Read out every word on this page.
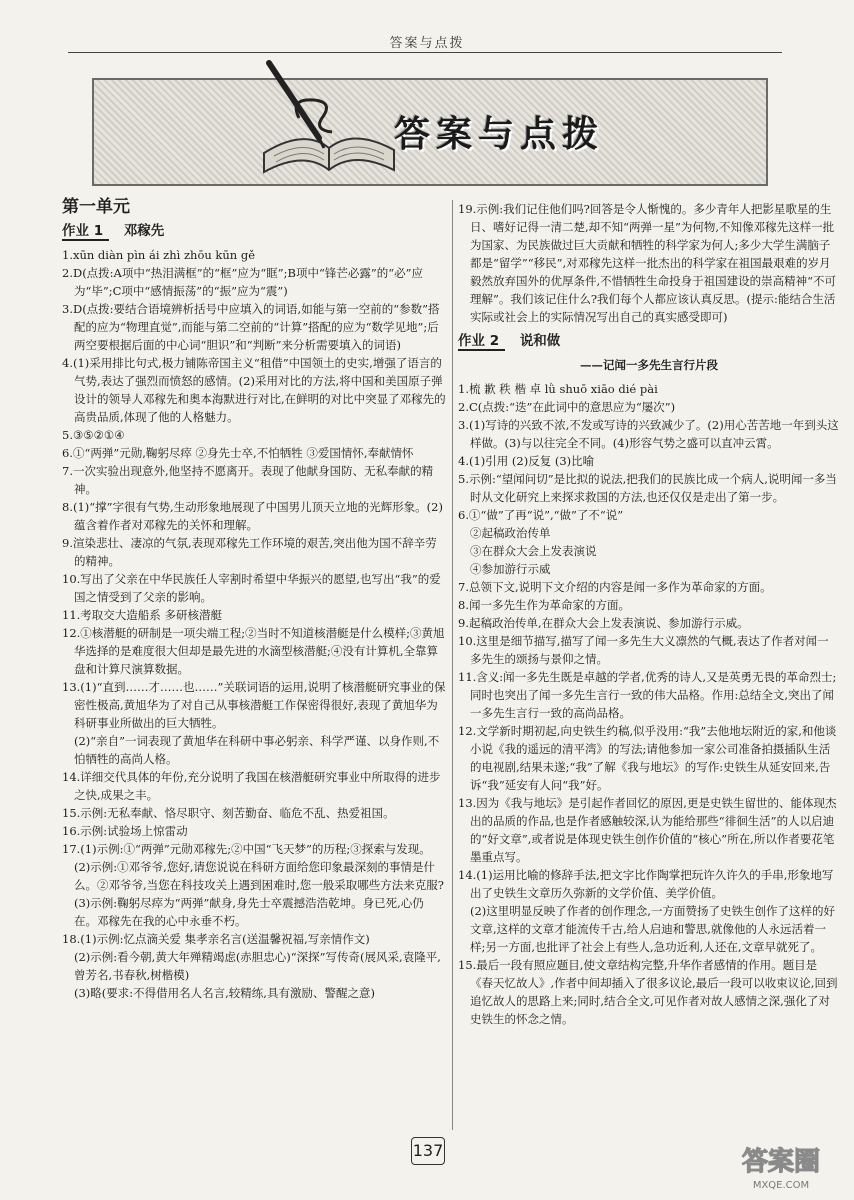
答案与点拨
答案与点拨
第一单元
作业 1 邓稼先

1.xūn diàn pìn ái zhì zhōu kūn gě

2.D(点拨:A项中“热泪满框”的“框”应为“眶”;B项中“锋芒必露”的“必”应为“毕”;C项中“感情振荡”的“振”应为“震”)

3.D(点拨:要结合语境辨析括号中应填入的词语,如能与第一空前的“参数”搭配的应为“物理直觉”,而能与第二空前的“计算”搭配的应为“数学见地”;后两空要根据后面的中心词“胆识”和“判断”来分析需要填入的词语)

4.(1)采用排比句式,极力铺陈帝国主义“租借”中国领土的史实,增强了语言的气势,表达了强烈而愤怒的感情。(2)采用对比的方法,将中国和美国原子弹设计的领导人邓稼先和奥本海默进行对比,在鲜明的对比中突显了邓稼先的高贵品质,体现了他的人格魅力。

5.③⑤②①④

6.①“两弹”元勋,鞠躬尽瘁 ②身先士卒,不怕牺牲 ③爱国情怀,奉献情怀

7.一次实验出现意外,他坚持不愿离开。表现了他献身国防、无私奉献的精神。

8.(1)“撑”字很有气势,生动形象地展现了中国男儿顶天立地的光辉形象。(2)蕴含着作者对邓稼先的关怀和理解。

9.渲染悲壮、凄凉的气氛,表现邓稼先工作环境的艰苦,突出他为国不辞辛劳的精神。

10.写出了父亲在中华民族任人宰割时希望中华振兴的愿望,也写出“我”的爱国之情受到了父亲的影响。

11.考取交大造船系 多研核潜艇

12.①核潜艇的研制是一项尖端工程;②当时不知道核潜艇是什么模样;③黄旭华选择的是难度很大但却是最先进的水滴型核潜艇;④没有计算机,全靠算盘和计算尺演算数据。

13.(1)“直到……才……也……”关联词语的运用,说明了核潜艇研究事业的保密性极高,黄旭华为了对自己从事核潜艇工作保密得很好,表现了黄旭华为科研事业所做出的巨大牺牲。

(2)“亲自”一词表现了黄旭华在科研中事必躬亲、科学严谨、以身作则,不怕牺牲的高尚人格。

14.详细交代具体的年份,充分说明了我国在核潜艇研究事业中所取得的进步之快,成果之丰。

15.示例:无私奉献、恪尽职守、刻苦勤奋、临危不乱、热爱祖国。

16.示例:试验场上惊雷动

17.(1)示例:①“两弹”元勋邓稼先;②中国“飞天梦”的历程;③探索与发现。

(2)示例:①邓爷爷,您好,请您说说在科研方面给您印象最深刻的事情是什么。②邓爷爷,当您在科技攻关上遇到困难时,您一般采取哪些方法来克服?

(3)示例:鞠躬尽瘁为“两弹”献身,身先士卒震撼浩浩乾坤。身已死,心仍在。邓稼先在我的心中永垂不朽。

18.(1)示例:忆点滴关爱 集孝亲名言(送温馨祝福,写亲情作文)

(2)示例:看今朝,黄大年殚精竭虑(赤胆忠心)“深探”写传奇(展风采,袁隆平,曾芳名,书春秋,树楷模)

(3)略(要求:不得借用名人名言,较精练,具有激励、警醒之意)

19.示例:我们记住他们吗?回答是令人惭愧的。多少青年人把影星歌星的生日、嗜好记得一清二楚,却不知“两弹一星”为何物,不知像邓稼先这样一批为国家、为民族做过巨大贡献和牺牲的科学家为何人;多少大学生满脑子都是“留学”“移民”,对邓稼先这样一批杰出的科学家在祖国最艰难的岁月毅然放弃国外的优厚条件,不惜牺牲生命投身于祖国建设的崇高精神“不可理解”。我们该记住什么?我们每个人都应该认真反思。(提示:能结合生活实际或社会上的实际情况写出自己的真实感受即可)

作业 2 说和做
——记闻一多先生言行片段

1.梳 歉 秩 楷 卓 lǜ shuō xiāo dié pài

2.C(点拨:“迭”在此词中的意思应为“屡次”)

3.(1)写诗的兴致不浓,不发或写诗的兴致减少了。(2)用心苦苦地一年到头这样做。(3)与以往完全不同。(4)形容气势之盛可以直冲云霄。

4.(1)引用 (2)反复 (3)比喻

5.示例:“望闻问切”是比拟的说法,把我们的民族比成一个病人,说明闻一多当时从文化研究上来探求救国的方法,也还仅仅是走出了第一步。

6.①“做”了再“说”,“做”了不“说”

②起稿政治传单

③在群众大会上发表演说

④参加游行示威

7.总领下文,说明下文介绍的内容是闻一多作为革命家的方面。

8.闻一多先生作为革命家的方面。

9.起稿政治传单,在群众大会上发表演说、参加游行示威。

10.这里是细节描写,描写了闻一多先生大义凛然的气概,表达了作者对闻一多先生的颂扬与景仰之情。

11.含义:闻一多先生既是卓越的学者,优秀的诗人,又是英勇无畏的革命烈士;同时也突出了闻一多先生言行一致的伟大品格。作用:总结全文,突出了闻一多先生言行一致的高尚品格。

12.文学新时期初起,向史铁生约稿,似乎没用:“我”去他地坛附近的家,和他谈小说《我的遥远的清平湾》的写法;请他参加一家公司准备拍摄插队生活的电视剧,结果未遂;“我”了解《我与地坛》的写作:史铁生从延安回来,告诉“我”延安有人问“我”好。

13.因为《我与地坛》是引起作者回忆的原因,更是史铁生留世的、能体现杰出的品质的作品,也是作者感触较深,认为能给那些“徘徊生活”的人以启迪的“好文章”,或者说是体现史铁生创作价值的“核心”所在,所以作者要花笔墨重点写。

14.(1)运用比喻的修辞手法,把文字比作陶掌把玩许久许久的手串,形象地写出了史铁生文章历久弥新的文学价值、美学价值。

(2)这里明显反映了作者的创作理念,一方面赞扬了史铁生创作了这样的好文章,这样的文章才能流传千古,给人启迪和警思,就像他的人永远活着一样;另一方面,也批评了社会上有些人,急功近利,人还在,文章早就死了。

15.最后一段有照应题目,使文章结构完整,升华作者感情的作用。题目是《春天忆故人》,作者中间却插入了很多议论,最后一段可以收束议论,回到追忆故人的思路上来;同时,结合全文,可见作者对故人感情之深,强化了对史铁生的怀念之情。

137	答案圈
MXQE.COM
